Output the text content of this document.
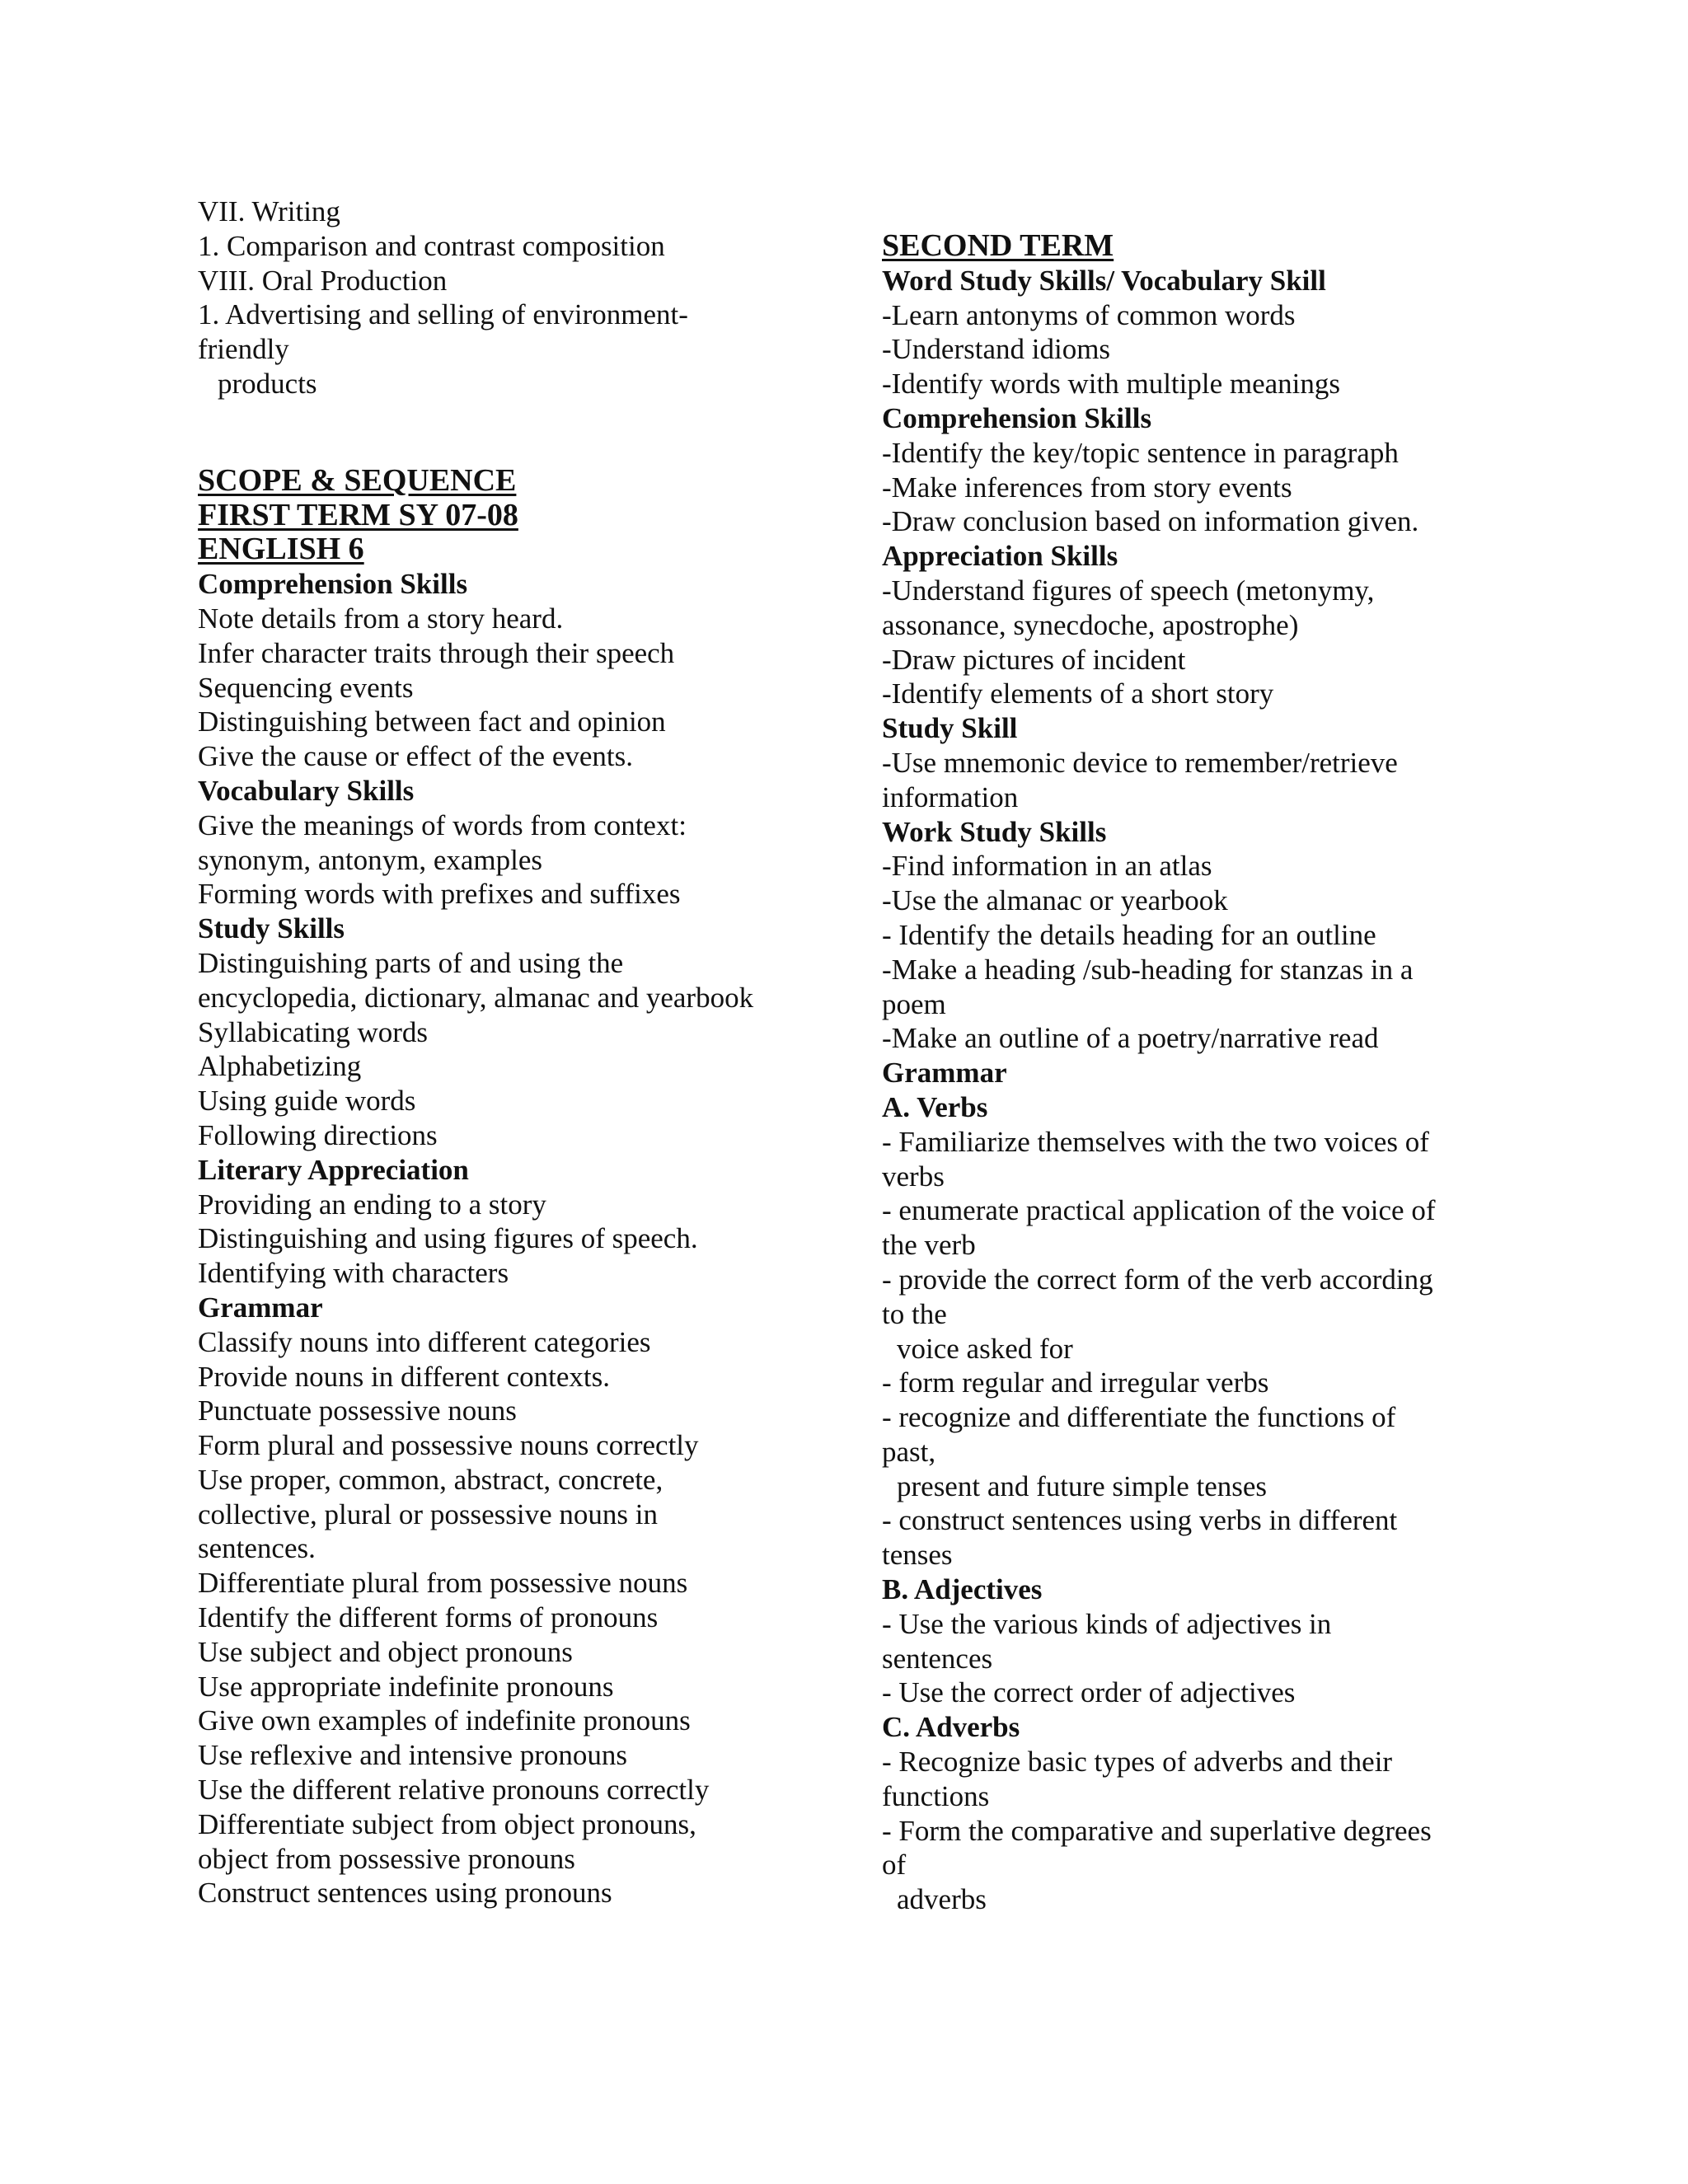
VII. Writing

1. Comparison and contrast composition

VIII. Oral Production

1. Advertising and selling of environment-

friendly

products

SCOPE & SEQUENCE

FIRST TERM SY 07-08

ENGLISH 6

Comprehension Skills

Note details from a story heard.

Infer character traits through their speech

Sequencing events

Distinguishing between fact and opinion

Give the cause or effect of the events.

Vocabulary Skills

Give the meanings of words from context:

synonym, antonym, examples

Forming words with prefixes and suffixes

Study Skills

Distinguishing parts of and using the

encyclopedia, dictionary, almanac and yearbook

Syllabicating words

Alphabetizing

Using guide words

Following directions

Literary Appreciation

Providing an ending to a story

Distinguishing and using figures of speech.

Identifying with characters

Grammar

Classify nouns into different categories

Provide nouns in different contexts.

Punctuate possessive nouns

Form plural and possessive nouns correctly

Use proper, common, abstract, concrete,

collective, plural or possessive nouns in

sentences.

Differentiate plural from possessive nouns

Identify the different forms of pronouns

Use subject and object pronouns

Use appropriate indefinite pronouns

Give own examples of indefinite pronouns

Use reflexive and intensive pronouns

Use the different relative pronouns correctly

Differentiate subject from object pronouns,

object from possessive pronouns

Construct sentences using pronouns

SECOND TERM

Word Study Skills/ Vocabulary Skill

-Learn antonyms of common words

-Understand idioms

-Identify words with multiple meanings

Comprehension Skills

-Identify the key/topic sentence in paragraph

-Make inferences from story events

-Draw conclusion based on information given.

Appreciation Skills

-Understand figures of speech (metonymy,

assonance, synecdoche, apostrophe)

-Draw pictures of incident

-Identify elements of a short story

Study Skill

-Use mnemonic device to remember/retrieve

information

Work Study Skills

-Find information in an atlas

-Use the almanac or yearbook

- Identify the details heading for an outline

-Make a heading /sub-heading for stanzas in a

poem

-Make an outline of a poetry/narrative read

Grammar

A. Verbs

- Familiarize themselves with the two voices of

verbs

- enumerate practical application of the voice of

the verb

- provide the correct form of the verb according

to the

voice asked for

- form regular and irregular verbs

- recognize and differentiate the functions of

past,

present and future simple tenses

- construct sentences using verbs in different

tenses

B. Adjectives

- Use the various kinds of adjectives in

sentences

- Use the correct order of adjectives

C. Adverbs

- Recognize basic types of adverbs and their

functions

- Form the comparative and superlative degrees

of

adverbs
